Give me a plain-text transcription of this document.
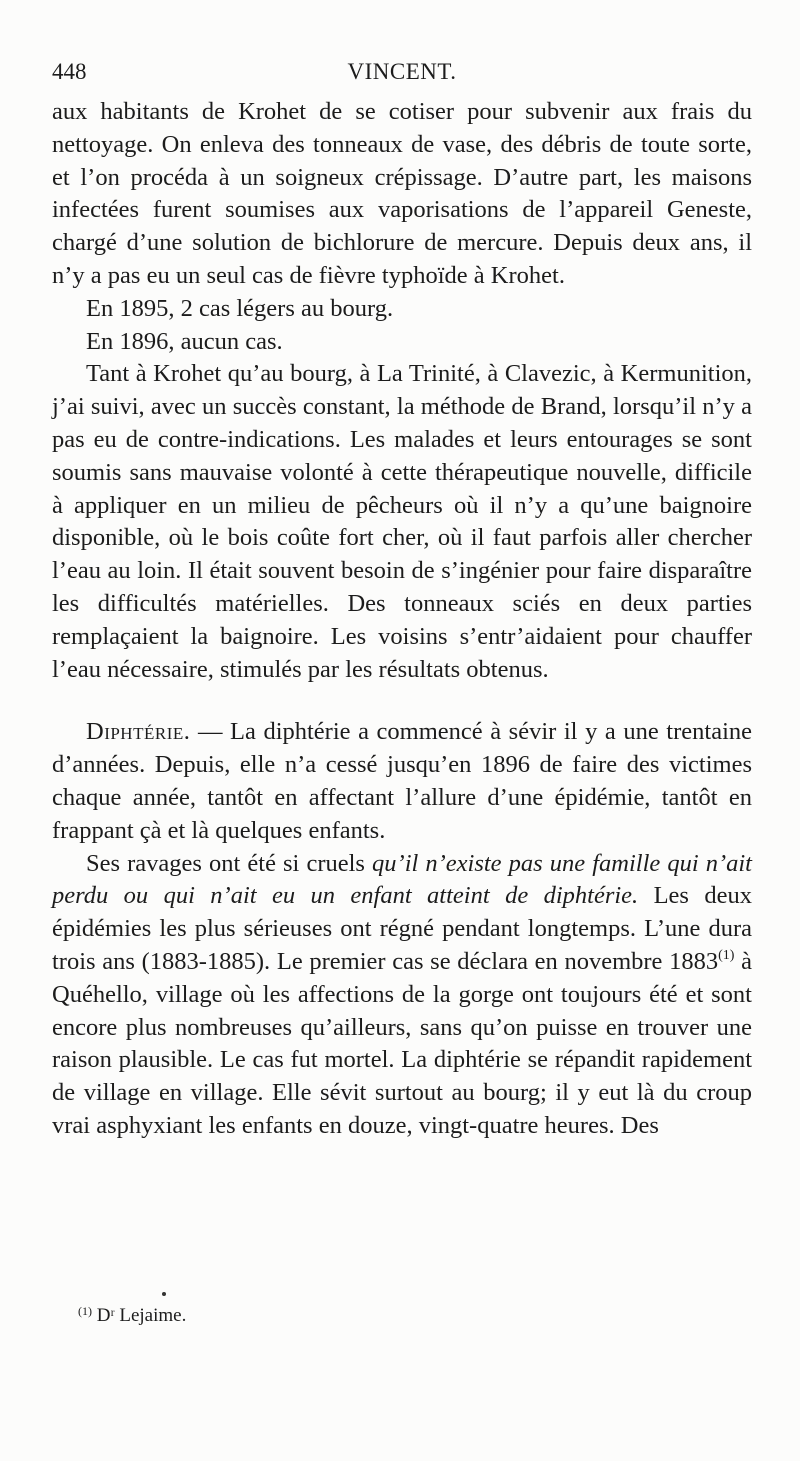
448	VINCENT.

aux habitants de Krohet de se cotiser pour subvenir aux frais du nettoyage. On enleva des tonneaux de vase, des débris de toute sorte, et l’on procéda à un soigneux crépissage. D’autre part, les maisons infectées furent soumises aux vaporisations de l’appareil Geneste, chargé d’une solution de bichlorure de mercure. Depuis deux ans, il n’y a pas eu un seul cas de fièvre typhoïde à Krohet.

En 1895, 2 cas légers au bourg.

En 1896, aucun cas.

Tant à Krohet qu’au bourg, à La Trinité, à Clavezic, à Kermunition, j’ai suivi, avec un succès constant, la méthode de Brand, lorsqu’il n’y a pas eu de contre-indications. Les malades et leurs entourages se sont soumis sans mauvaise volonté à cette thérapeutique nouvelle, difficile à appliquer en un milieu de pêcheurs où il n’y a qu’une baignoire disponible, où le bois coûte fort cher, où il faut parfois aller chercher l’eau au loin. Il était souvent besoin de s’ingénier pour faire disparaître les difficultés matérielles. Des tonneaux sciés en deux parties remplaçaient la baignoire. Les voisins s’entr’aidaient pour chauffer l’eau nécessaire, stimulés par les résultats obtenus.

Diphtérie. — La diphtérie a commencé à sévir il y a une trentaine d’années. Depuis, elle n’a cessé jusqu’en 1896 de faire des victimes chaque année, tantôt en affectant l’allure d’une épidémie, tantôt en frappant çà et là quelques enfants.

Ses ravages ont été si cruels qu’il n’existe pas une famille qui n’ait perdu ou qui n’ait eu un enfant atteint de diphtérie. Les deux épidémies les plus sérieuses ont régné pendant longtemps. L’une dura trois ans (1883-1885). Le premier cas se déclara en novembre 1883$^{(1)}$ à Quéhello, village où les affections de la gorge ont toujours été et sont encore plus nombreuses qu’ailleurs, sans qu’on puisse en trouver une raison plausible. Le cas fut mortel. La diphtérie se répandit rapidement de village en village. Elle sévit surtout au bourg; il y eut là du croup vrai asphyxiant les enfants en douze, vingt-quatre heures. Des

$^{(1)}$ Dʳ Lejaime.
